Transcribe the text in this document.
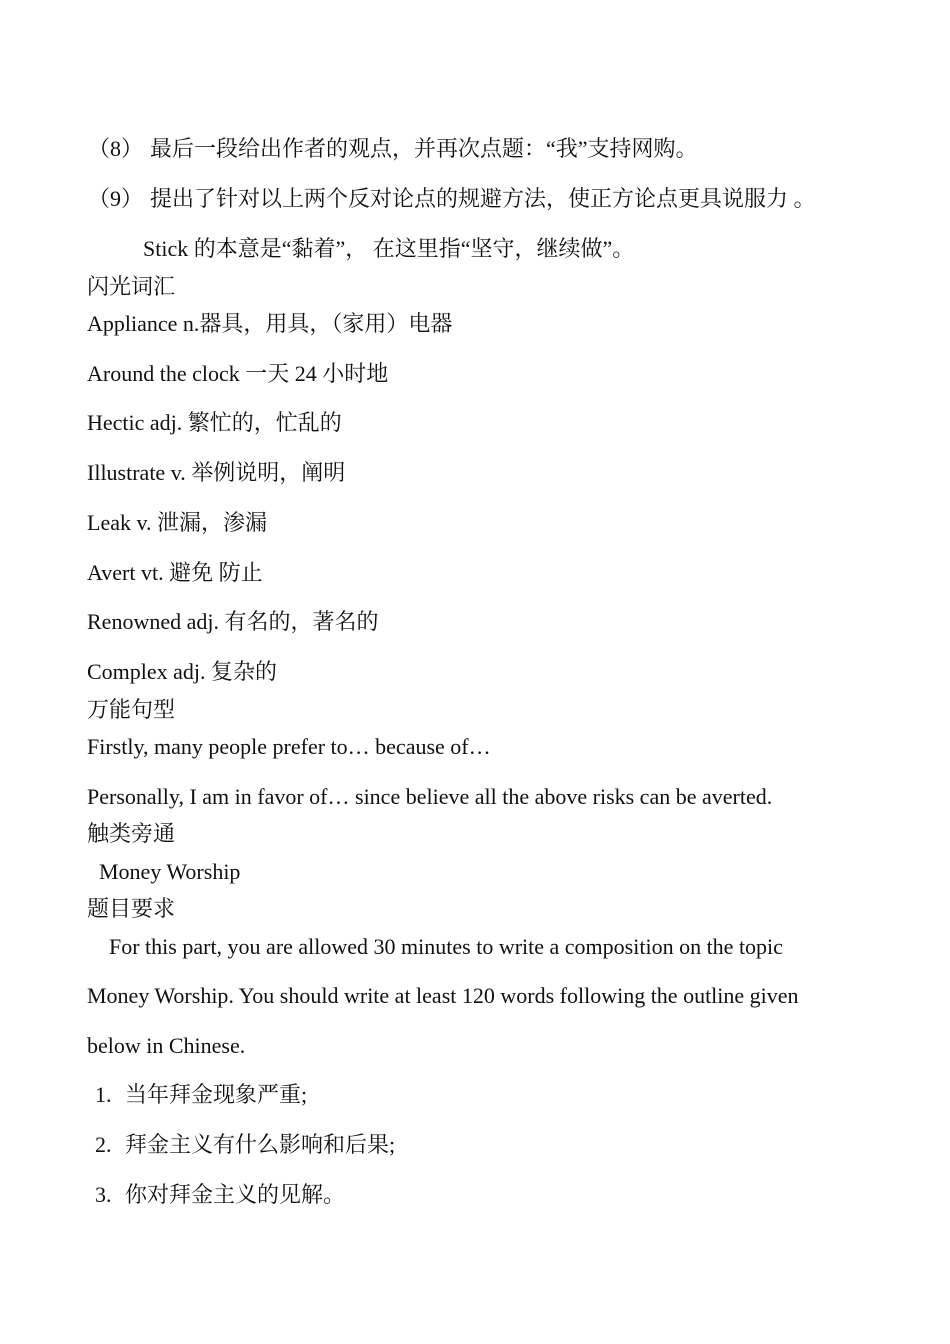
（8） 最后一段给出作者的观点，并再次点题：“我”支持网购。
（9） 提出了针对以上两个反对论点的规避方法，使正方论点更具说服力 。
Stick 的本意是“黏着”， 在这里指“坚守，继续做”。
闪光词汇
Appliance n.器具，用具，（家用）电器
Around the clock 一天 24 小时地
Hectic adj. 繁忙的，忙乱的
Illustrate v. 举例说明，阐明
Leak v. 泄漏，渗漏
Avert vt. 避免 防止
Renowned adj. 有名的，著名的
Complex adj. 复杂的
万能句型
Firstly, many people prefer to… because of…
Personally, I am in favor of… since believe all the above risks can be averted.
触类旁通
Money Worship
题目要求
For this part, you are allowed 30 minutes to write a composition on the topic
Money Worship. You should write at least 120 words following the outline given
below in Chinese.
1. 当年拜金现象严重;
2. 拜金主义有什么影响和后果;
3. 你对拜金主义的见解。
